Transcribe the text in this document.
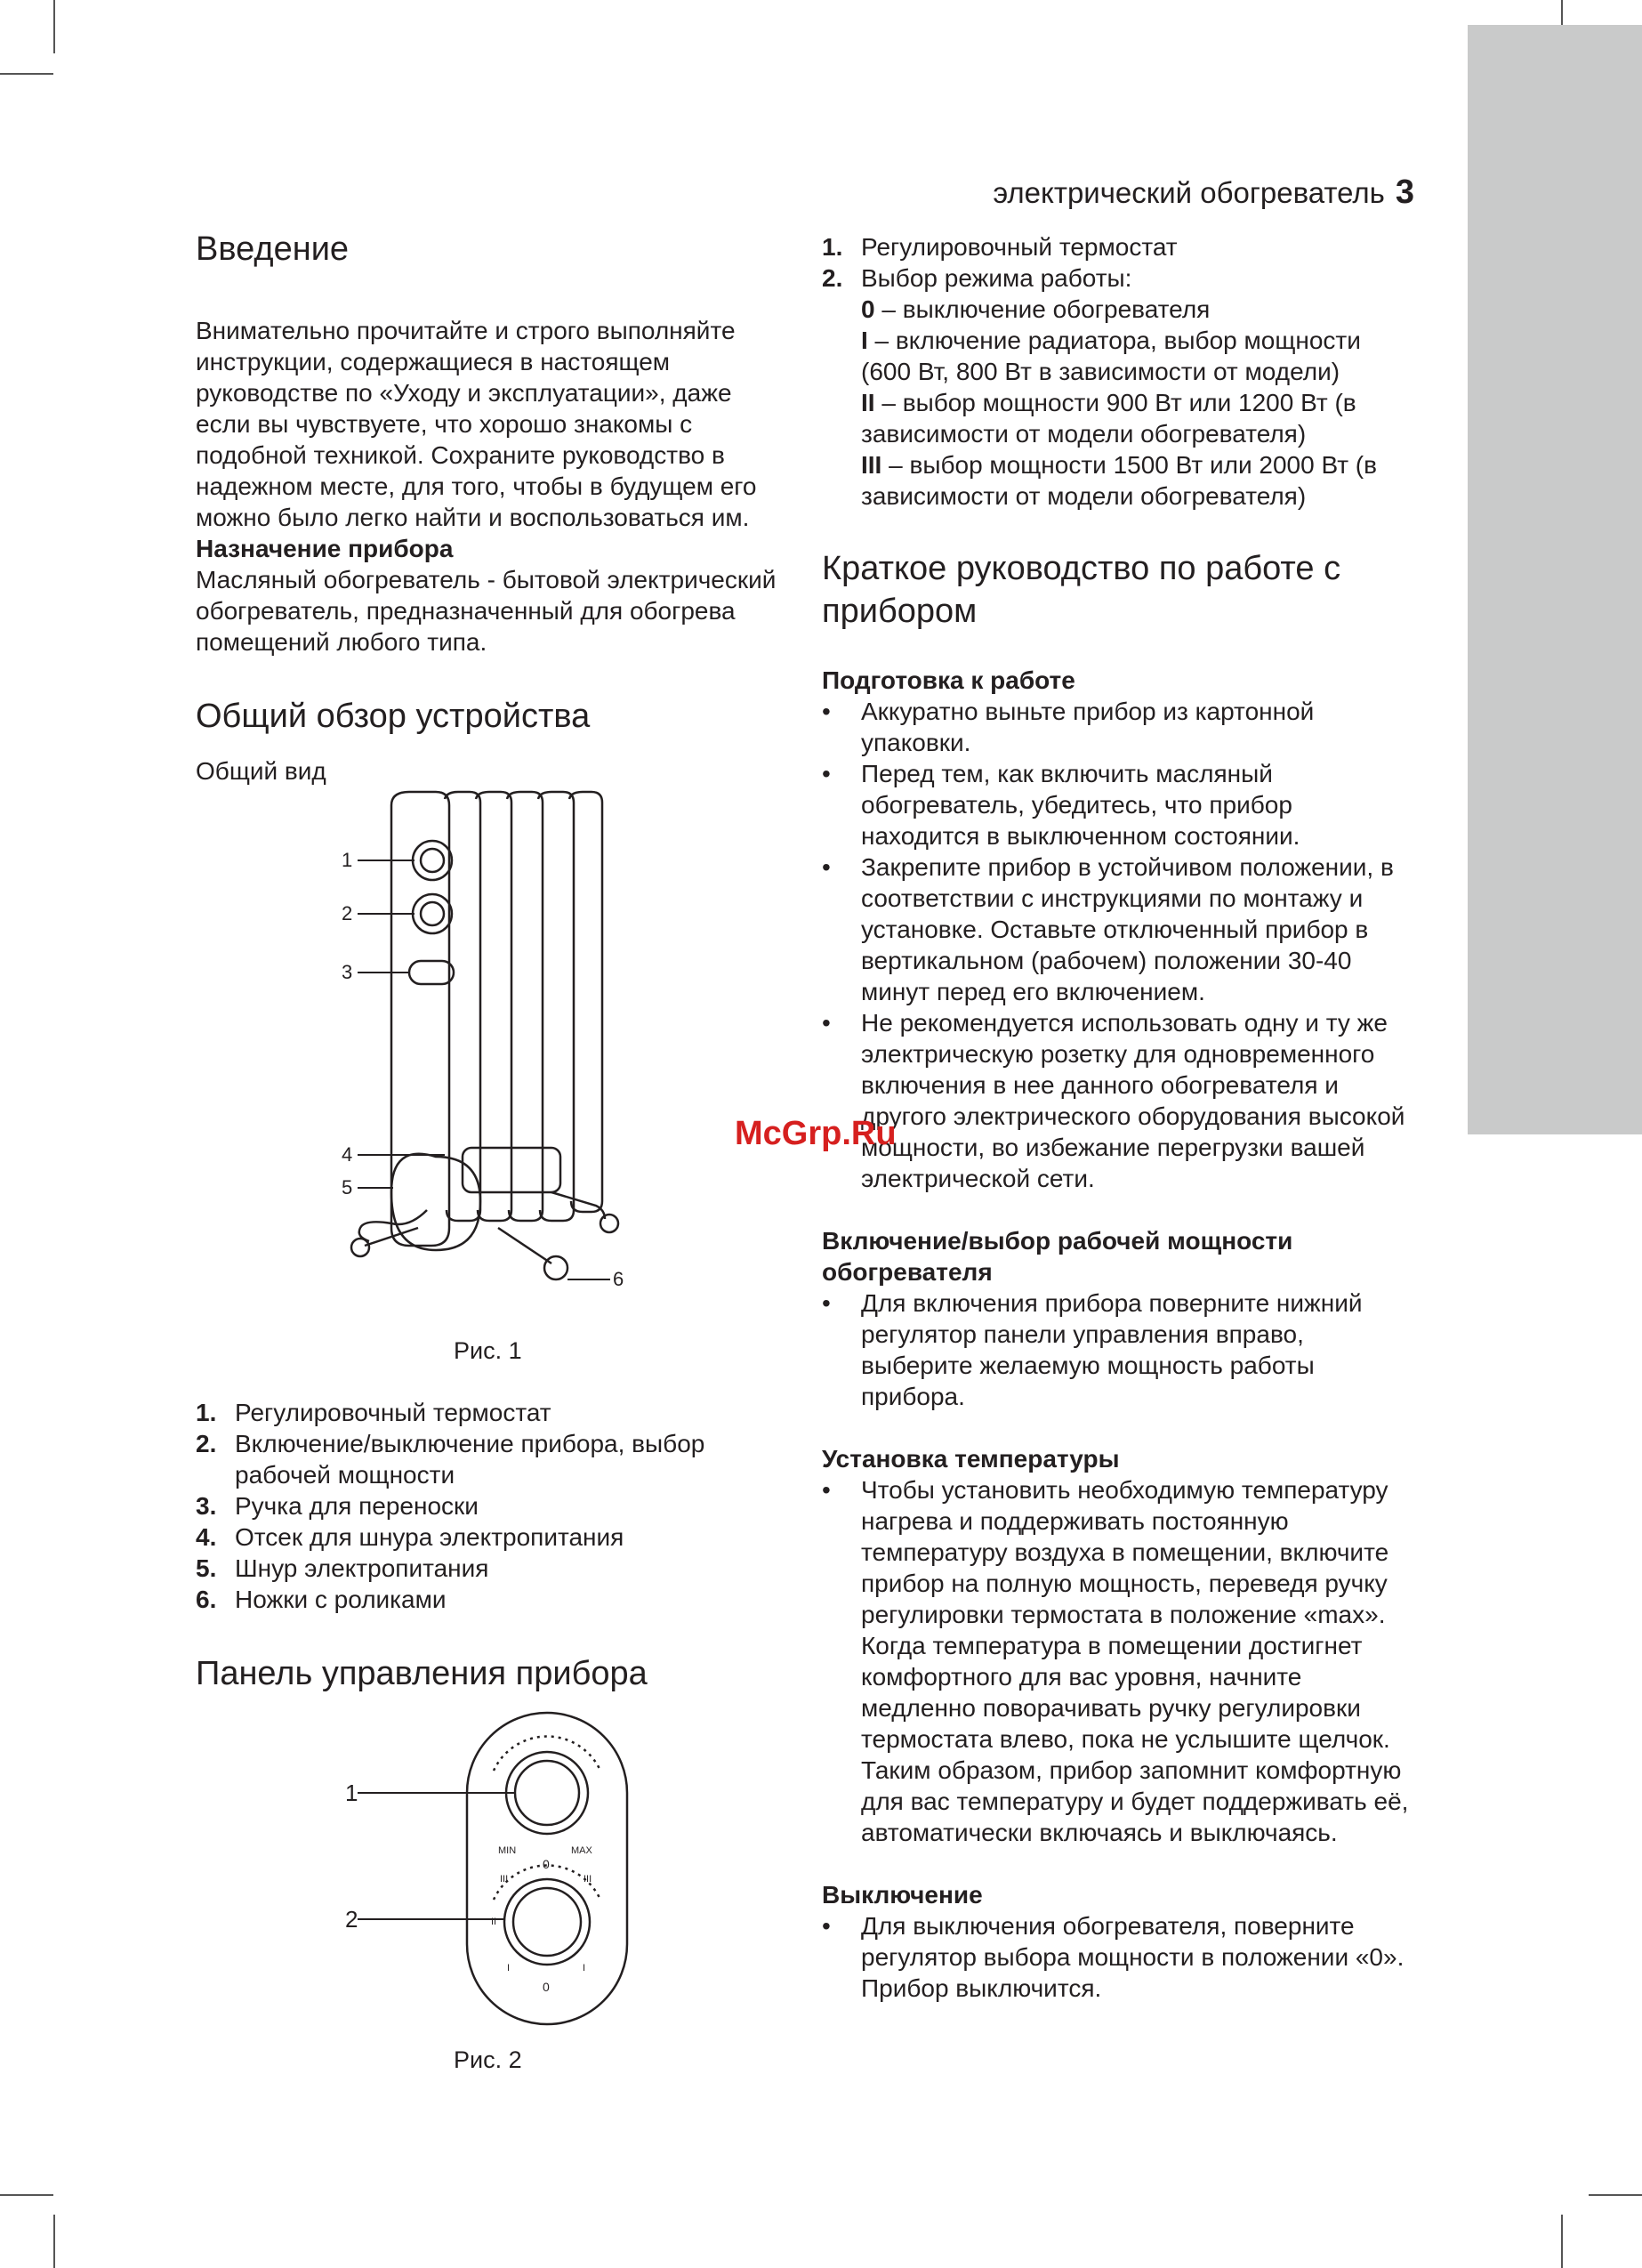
электрический обогреватель 3
Введение

Внимательно прочитайте и строго выполняйте инструкции, содержащиеся в настоящем руководстве по «Уходу и эксплуатации», даже если вы чувствуете, что хорошо знакомы с подобной техникой. Сохраните руководство в надежном месте, для того, чтобы в будущем его можно было легко найти и воспользоваться им.

Назначение прибора

Масляный обогреватель - бытовой электрический обогреватель, предназначенный для обогрева помещений любого типа.

Общий обзор устройства

Общий вид

1
2
3
4
5
6
Рис. 1
1. Регулировочный термостат
2. Включение/выключение прибора, выбор рабочей мощности
3. Ручка для переноски
4. Отсек для шнура электропитания
5. Шнур электропитания
6. Ножки с роликами
Панель управления прибора
1
2
MIN	MAX
0
III	III
II
I	I
0
Рис. 2
1. Регулировочный термостат
2. Выбор режима работы:

0 – выключение обогревателя

I – включение радиатора, выбор мощности (600 Вт, 800 Вт в зависимости от модели)

II – выбор мощности 900 Вт или 1200 Вт (в зависимости от модели обогревателя)

III – выбор мощности 1500 Вт или 2000 Вт (в зависимости от модели обогревателя)

Краткое руководство по работе с прибором

Подготовка к работе

• Аккуратно выньте прибор из картонной упаковки.
• Перед тем, как включить масляный обогреватель, убедитесь, что прибор находится в выключенном состоянии.
• Закрепите прибор в устойчивом положении, в соответствии с инструкциями по монтажу и установке. Оставьте отключенный прибор в вертикальном (рабочем) положении 30-40 минут перед его включением.
• Не рекомендуется использовать одну и ту же электрическую розетку для одновременного включения в нее данного обогревателя и другого электрического оборудования высокой мощности, во избежание перегрузки вашей электрической сети.

Включение/выбор рабочей мощности обогревателя

• Для включения прибора поверните нижний регулятор панели управления вправо, выберите желаемую мощность работы прибора.

Установка температуры

• Чтобы установить необходимую температуру нагрева и поддерживать постоянную температуру воздуха в помещении, включите прибор на полную мощность, переведя ручку регулировки термостата в положение «max».

Когда температура в помещении достигнет комфортного для вас уровня, начните медленно поворачивать ручку регулировки термостата влево, пока не услышите щелчок. Таким образом, прибор запомнит комфортную для вас температуру и будет поддерживать её, автоматически включаясь и выключаясь.

Выключение

• Для выключения обогревателя, поверните регулятор выбора мощности в положении «0». Прибор выключится.
McGrp.Ru
